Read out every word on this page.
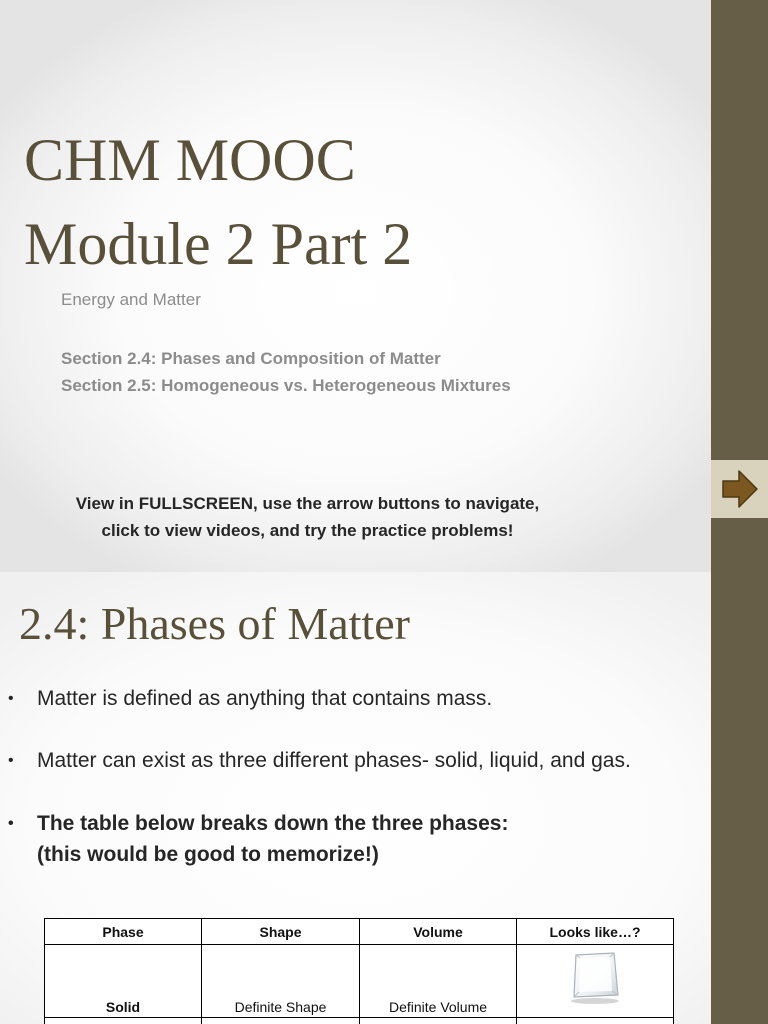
CHM MOOC
Module 2 Part 2

Energy and Matter

Section 2.4: Phases and Composition of Matter
Section 2.5: Homogeneous vs. Heterogeneous Mixtures
View in FULLSCREEN, use the arrow buttons to navigate,
click to view videos, and try the practice problems!
2.4: Phases of Matter
• Matter is defined as anything that contains mass.
• Matter can exist as three different phases- solid, liquid, and gas.
• The table below breaks down the three phases:
(this would be good to memorize!)
Phase	Shape	Volume	Looks like…?
Solid	Definite Shape	Definite Volume	
